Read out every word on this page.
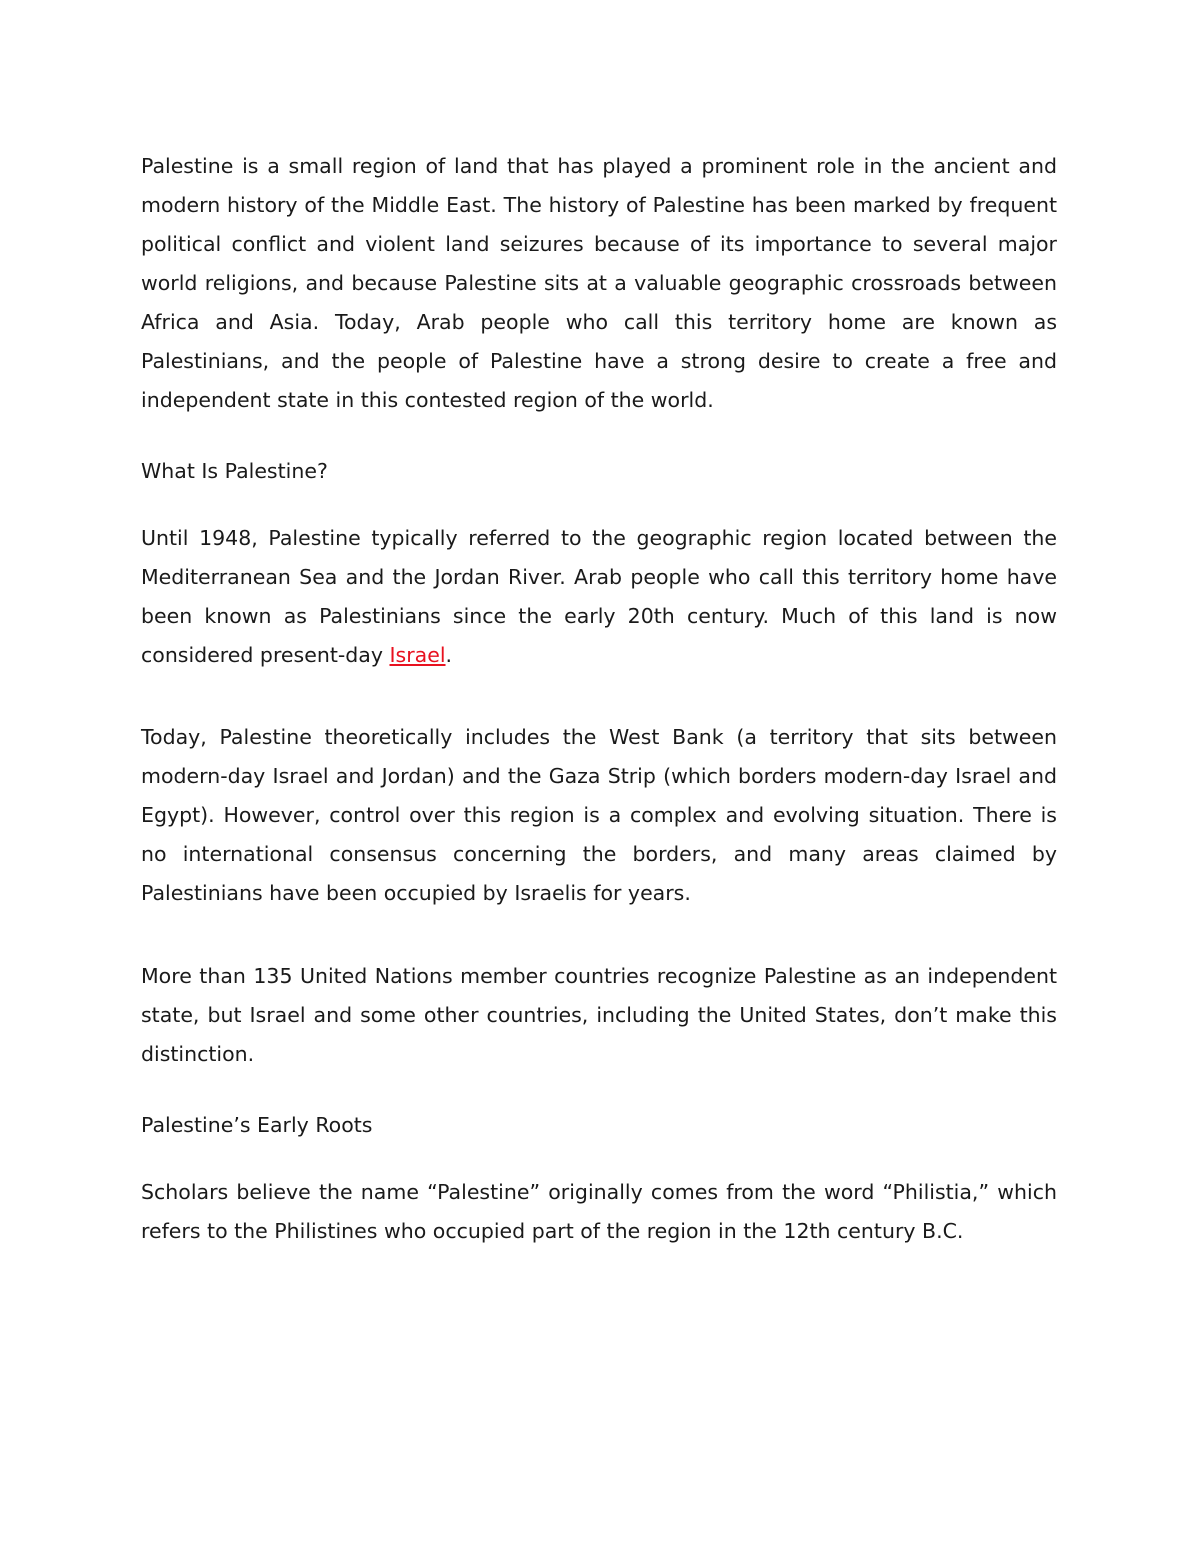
Palestine is a small region of land that has played a prominent role in the ancient and modern history of the Middle East. The history of Palestine has been marked by frequent political conflict and violent land seizures because of its importance to several major world religions, and because Palestine sits at a valuable geographic crossroads between Africa and Asia. Today, Arab people who call this territory home are known as Palestinians, and the people of Palestine have a strong desire to create a free and independent state in this contested region of the world.

What Is Palestine?

Until 1948, Palestine typically referred to the geographic region located between the Mediterranean Sea and the Jordan River. Arab people who call this territory home have been known as Palestinians since the early 20th century. Much of this land is now considered present-day Israel.

Today, Palestine theoretically includes the West Bank (a territory that sits between modern-day Israel and Jordan) and the Gaza Strip (which borders modern-day Israel and Egypt). However, control over this region is a complex and evolving situation. There is no international consensus concerning the borders, and many areas claimed by Palestinians have been occupied by Israelis for years.

More than 135 United Nations member countries recognize Palestine as an independent state, but Israel and some other countries, including the United States, don’t make this distinction.

Palestine’s Early Roots

Scholars believe the name “Palestine” originally comes from the word “Philistia,” which refers to the Philistines who occupied part of the region in the 12th century B.C.
